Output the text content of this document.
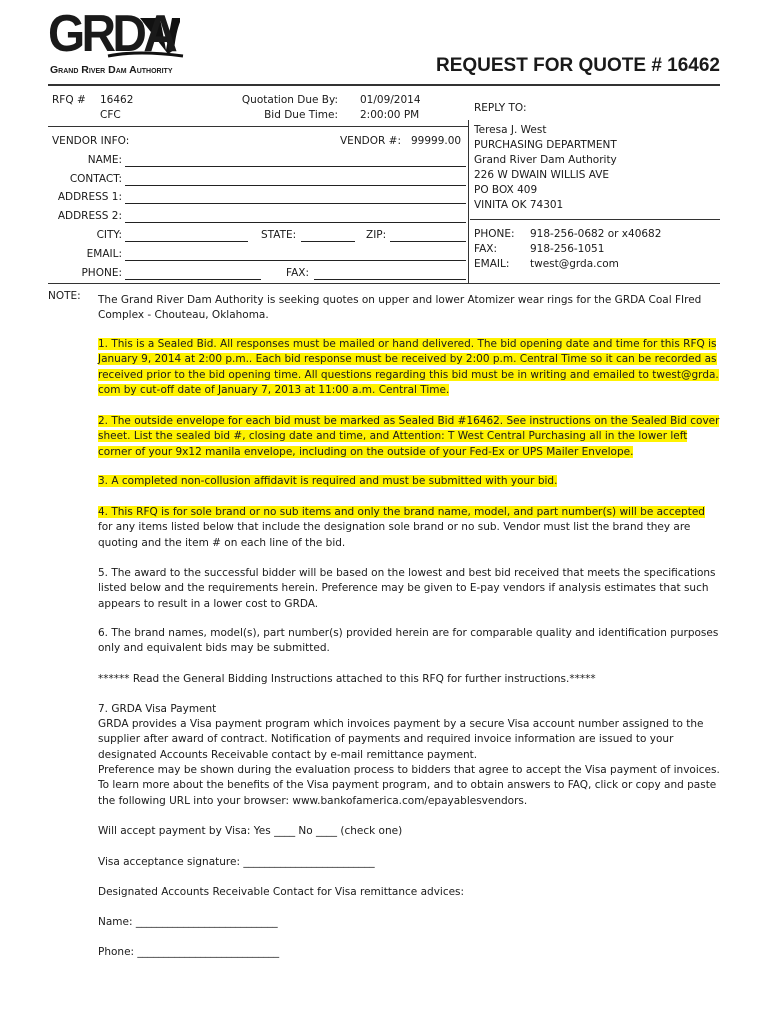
GRDA
Grand River Dam Authority	REQUEST FOR QUOTE # 16462
RFQ # 16462
CFC
Quotation Due By: 01/09/2014
Bid Due Time: 2:00:00 PM
REPLY TO:
VENDOR INFO:	VENDOR #: 99999.00
NAME:
CONTACT:
ADDRESS 1:
ADDRESS 2:
CITY:	STATE:	ZIP:
EMAIL:
PHONE:	FAX:
Teresa J. West
PURCHASING DEPARTMENT
Grand River Dam Authority
226 W DWAIN WILLIS AVE
PO BOX 409
VINITA OK 74301
PHONE: 918-256-0682 or x40682
FAX:	918-256-1051
EMAIL: twest@grda.com
NOTE: The Grand River Dam Authority is seeking quotes on upper and lower Atomizer wear rings for the GRDA Coal FIred Complex - Chouteau, Oklahoma.
1. This is a Sealed Bid. All responses must be mailed or hand delivered. The bid opening date and time for this RFQ is January 9, 2014 at 2:00 p.m.. Each bid response must be received by 2:00 p.m. Central Time so it can be recorded as received prior to the bid opening time. All questions regarding this bid must be in writing and emailed to twest@grda. com by cut-off date of January 7, 2013 at 11:00 a.m. Central Time.
2. The outside envelope for each bid must be marked as Sealed Bid #16462. See instructions on the Sealed Bid cover sheet. List the sealed bid #, closing date and time, and Attention: T West Central Purchasing all in the lower left corner of your 9x12 manila envelope, including on the outside of your Fed-Ex or UPS Mailer Envelope.
3. A completed non-collusion affidavit is required and must be submitted with your bid.
4. This RFQ is for sole brand or no sub items and only the brand name, model, and part number(s) will be accepted for any items listed below that include the designation sole brand or no sub. Vendor must list the brand they are quoting and the item # on each line of the bid.
5. The award to the successful bidder will be based on the lowest and best bid received that meets the specifications listed below and the requirements herein. Preference may be given to E-pay vendors if analysis estimates that such appears to result in a lower cost to GRDA.
6. The brand names, model(s), part number(s) provided herein are for comparable quality and identification purposes only and equivalent bids may be submitted.
****** Read the General Bidding Instructions attached to this RFQ for further instructions.*****
7. GRDA Visa Payment
GRDA provides a Visa payment program which invoices payment by a secure Visa account number assigned to the supplier after award of contract. Notification of payments and required invoice information are issued to your designated Accounts Receivable contact by e-mail remittance payment.
Preference may be shown during the evaluation process to bidders that agree to accept the Visa payment of invoices. To learn more about the benefits of the Visa payment program, and to obtain answers to FAQ, click or copy and paste the following URL into your browser: www.bankofamerica.com/epayablesvendors.
Will accept payment by Visa: Yes ____ No ____ (check one)
Visa acceptance signature: _________________________
Designated Accounts Receivable Contact for Visa remittance advices:
Name: ___________________________
Phone: ___________________________
